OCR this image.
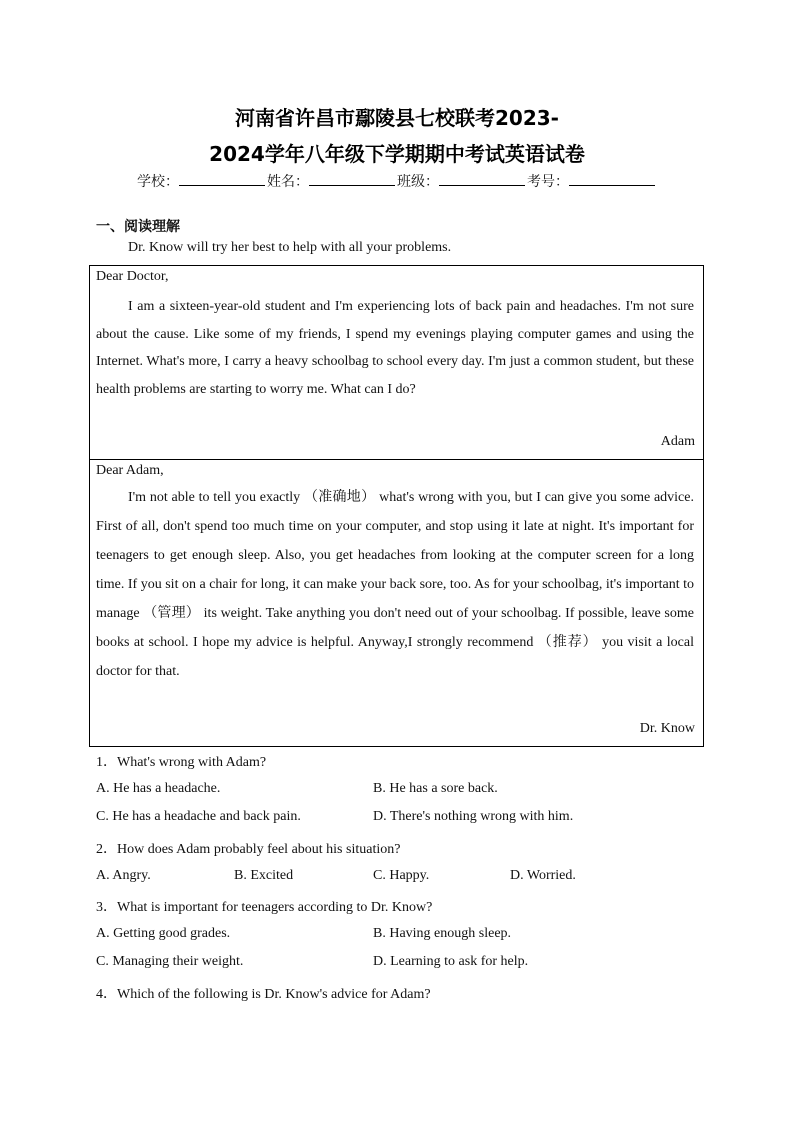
河南省许昌市鄢陵县七校联考2023-
2024学年八年级下学期期中考试英语试卷
学校：	姓名：	班级：	考号：
一、阅读理解
Dr. Know will try her best to help with all your problems.
Dear Doctor,
I am a sixteen-year-old student and I'm experiencing lots of back pain and headaches. I'm not sure about the cause. Like some of my friends, I spend my evenings playing computer games and using the Internet. What's more, I carry a heavy schoolbag to school every day. I'm just a common student, but these health problems are starting to worry me. What can I do?
Adam
Dear Adam,
I'm not able to tell you exactly （准确地） what's wrong with you, but I can give you some advice. First of all, don't spend too much time on your computer, and stop using it late at night. It's important for teenagers to get enough sleep. Also, you get headaches from looking at the computer screen for a long time. If you sit on a chair for long, it can make your back sore, too. As for your schoolbag, it's important to manage （管理） its weight. Take anything you don't need out of your schoolbag. If possible, leave some books at school. I hope my advice is helpful. Anyway,I strongly recommend （推荐） you visit a local doctor for that.
Dr. Know
1．What's wrong with Adam?
A. He has a headache.	B. He has a sore back.
C. He has a headache and back pain.	D. There's nothing wrong with him.
2．How does Adam probably feel about his situation?
A. Angry.	B. Excited	C. Happy.	D. Worried.
3．What is important for teenagers according to Dr. Know?
A. Getting good grades.	B. Having enough sleep.
C. Managing their weight.	D. Learning to ask for help.
4．Which of the following is Dr. Know's advice for Adam?
